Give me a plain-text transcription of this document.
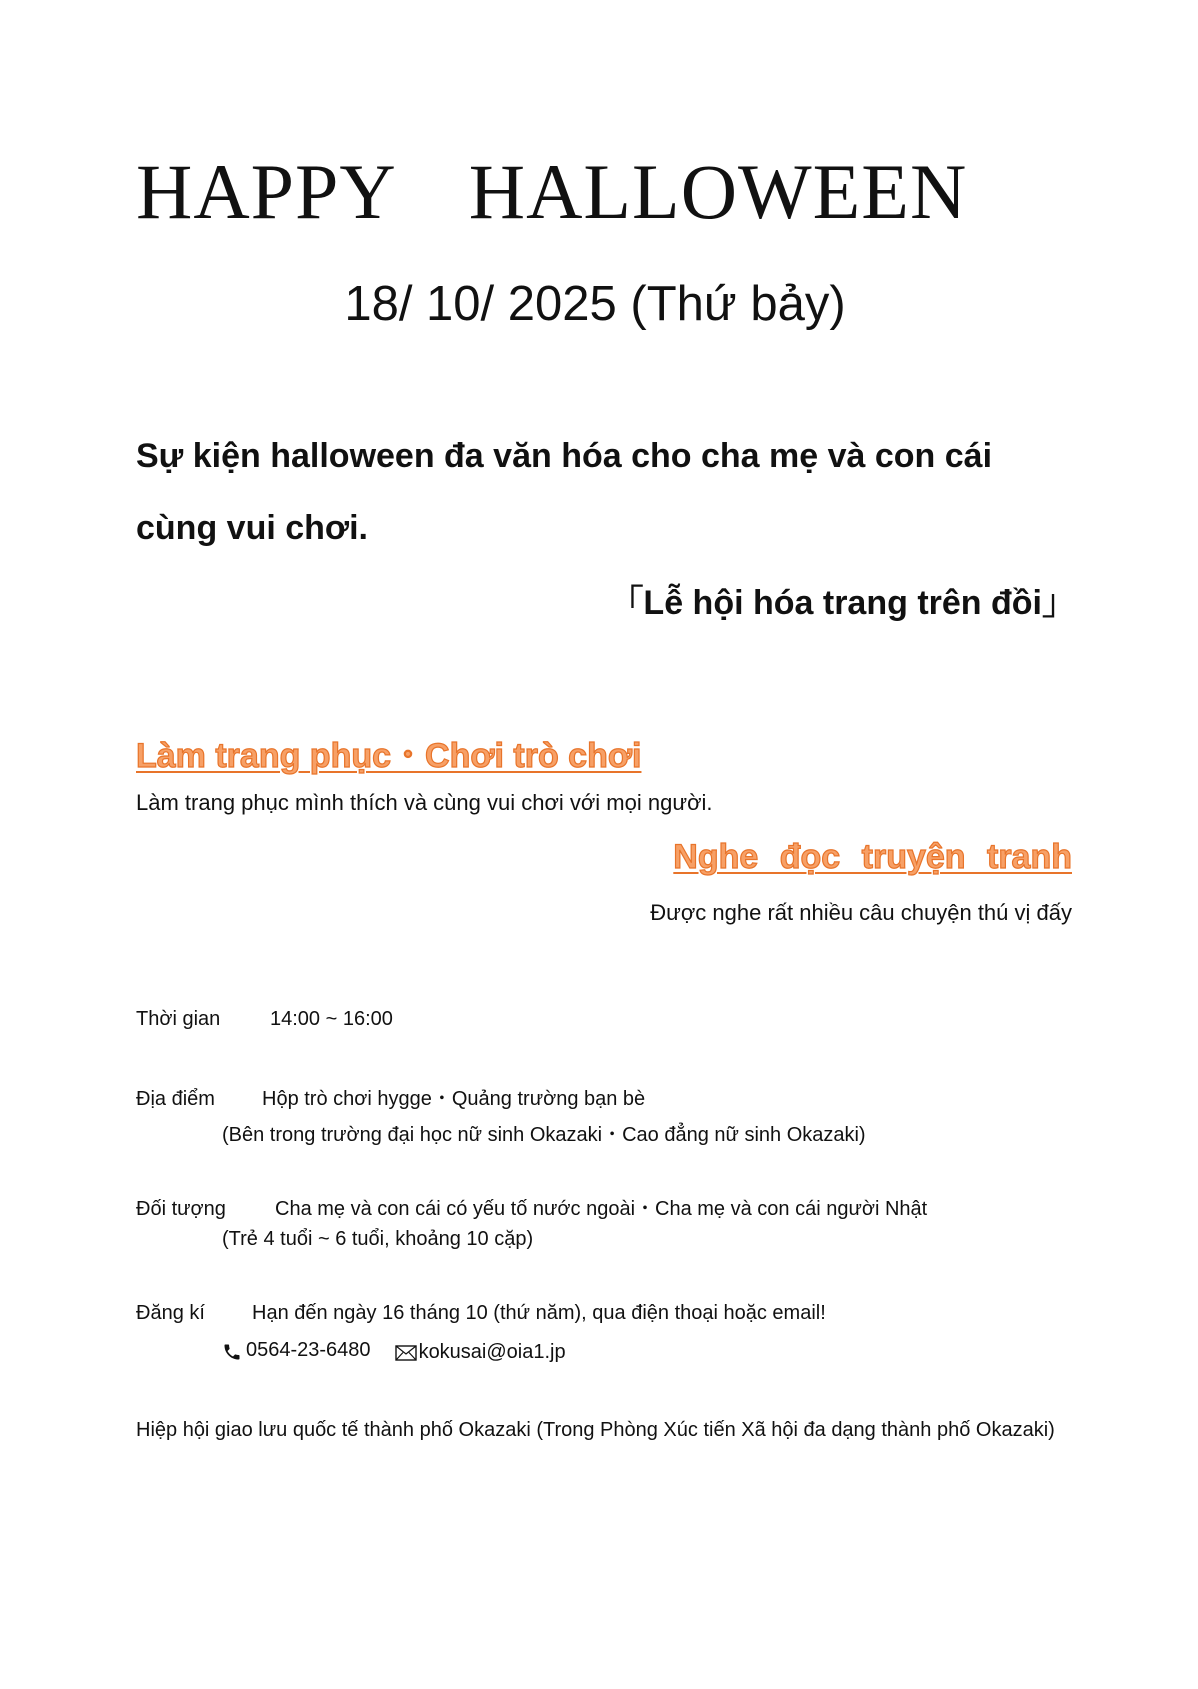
HAPPY HALLOWEEN
18/ 10/ 2025 (Thứ bảy)
Sự kiện halloween đa văn hóa cho cha mẹ và con cái cùng vui chơi.
「Lễ hội hóa trang trên đồi」
Làm trang phục・Chơi trò chơi
Làm trang phục mình thích và cùng vui chơi với mọi người.
Nghe đọc truyện tranh
Được nghe rất nhiều câu chuyện thú vị đấy
Thời gian 14:00 ~ 16:00
Địa điểm Hộp trò chơi hygge・Quảng trường bạn bè
(Bên trong trường đại học nữ sinh Okazaki・Cao đẳng nữ sinh Okazaki)
Đối tượng Cha mẹ và con cái có yếu tố nước ngoài・Cha mẹ và con cái người Nhật
(Trẻ 4 tuổi ~ 6 tuổi, khoảng 10 cặp)
Đăng kí Hạn đến ngày 16 tháng 10 (thứ năm), qua điện thoại hoặc email!
0564-23-6480 kokusai@oia1.jp
Hiệp hội giao lưu quốc tế thành phố Okazaki (Trong Phòng Xúc tiến Xã hội đa dạng thành phố Okazaki)
